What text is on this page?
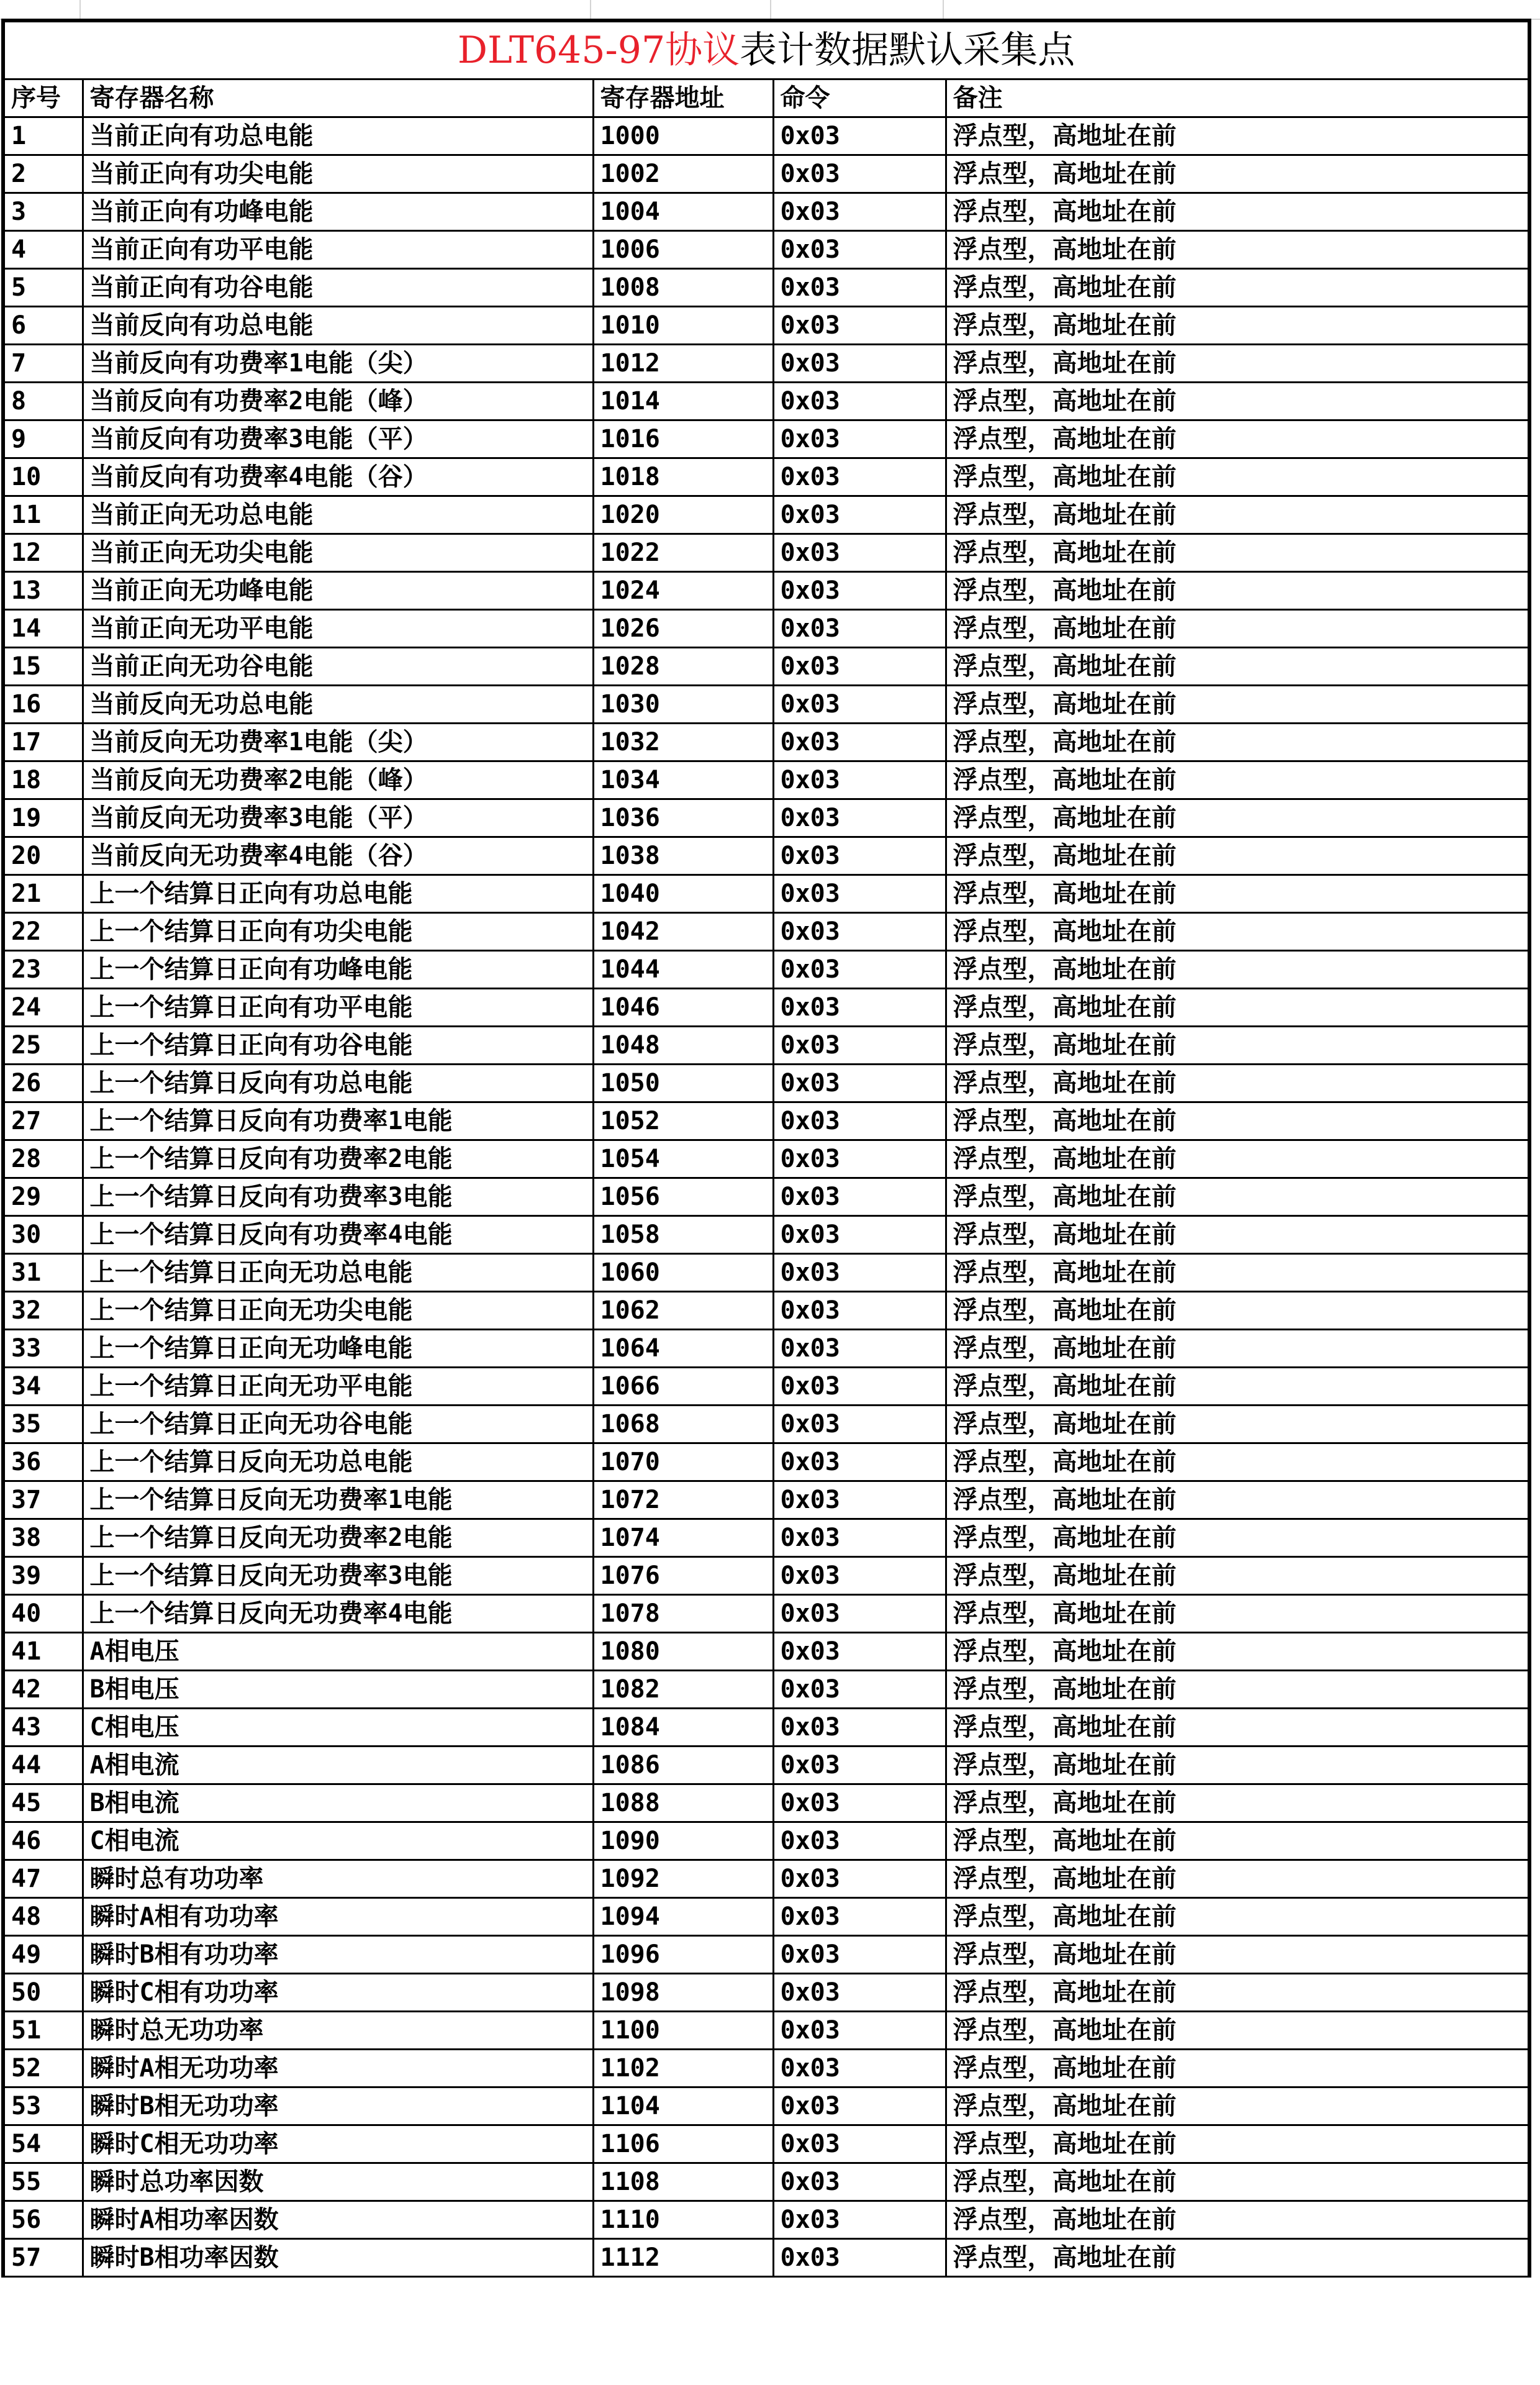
DLT645-97协议表计数据默认采集点				
序号	寄存器名称	寄存器地址	命令	备注
1	当前正向有功总电能	1000	0x03	浮点型，高地址在前
2	当前正向有功尖电能	1002	0x03	浮点型，高地址在前
3	当前正向有功峰电能	1004	0x03	浮点型，高地址在前
4	当前正向有功平电能	1006	0x03	浮点型，高地址在前
5	当前正向有功谷电能	1008	0x03	浮点型，高地址在前
6	当前反向有功总电能	1010	0x03	浮点型，高地址在前
7	当前反向有功费率1电能（尖）	1012	0x03	浮点型，高地址在前
8	当前反向有功费率2电能（峰）	1014	0x03	浮点型，高地址在前
9	当前反向有功费率3电能（平）	1016	0x03	浮点型，高地址在前
10	当前反向有功费率4电能（谷）	1018	0x03	浮点型，高地址在前
11	当前正向无功总电能	1020	0x03	浮点型，高地址在前
12	当前正向无功尖电能	1022	0x03	浮点型，高地址在前
13	当前正向无功峰电能	1024	0x03	浮点型，高地址在前
14	当前正向无功平电能	1026	0x03	浮点型，高地址在前
15	当前正向无功谷电能	1028	0x03	浮点型，高地址在前
16	当前反向无功总电能	1030	0x03	浮点型，高地址在前
17	当前反向无功费率1电能（尖）	1032	0x03	浮点型，高地址在前
18	当前反向无功费率2电能（峰）	1034	0x03	浮点型，高地址在前
19	当前反向无功费率3电能（平）	1036	0x03	浮点型，高地址在前
20	当前反向无功费率4电能（谷）	1038	0x03	浮点型，高地址在前
21	上一个结算日正向有功总电能	1040	0x03	浮点型，高地址在前
22	上一个结算日正向有功尖电能	1042	0x03	浮点型，高地址在前
23	上一个结算日正向有功峰电能	1044	0x03	浮点型，高地址在前
24	上一个结算日正向有功平电能	1046	0x03	浮点型，高地址在前
25	上一个结算日正向有功谷电能	1048	0x03	浮点型，高地址在前
26	上一个结算日反向有功总电能	1050	0x03	浮点型，高地址在前
27	上一个结算日反向有功费率1电能	1052	0x03	浮点型，高地址在前
28	上一个结算日反向有功费率2电能	1054	0x03	浮点型，高地址在前
29	上一个结算日反向有功费率3电能	1056	0x03	浮点型，高地址在前
30	上一个结算日反向有功费率4电能	1058	0x03	浮点型，高地址在前
31	上一个结算日正向无功总电能	1060	0x03	浮点型，高地址在前
32	上一个结算日正向无功尖电能	1062	0x03	浮点型，高地址在前
33	上一个结算日正向无功峰电能	1064	0x03	浮点型，高地址在前
34	上一个结算日正向无功平电能	1066	0x03	浮点型，高地址在前
35	上一个结算日正向无功谷电能	1068	0x03	浮点型，高地址在前
36	上一个结算日反向无功总电能	1070	0x03	浮点型，高地址在前
37	上一个结算日反向无功费率1电能	1072	0x03	浮点型，高地址在前
38	上一个结算日反向无功费率2电能	1074	0x03	浮点型，高地址在前
39	上一个结算日反向无功费率3电能	1076	0x03	浮点型，高地址在前
40	上一个结算日反向无功费率4电能	1078	0x03	浮点型，高地址在前
41	A相电压	1080	0x03	浮点型，高地址在前
42	B相电压	1082	0x03	浮点型，高地址在前
43	C相电压	1084	0x03	浮点型，高地址在前
44	A相电流	1086	0x03	浮点型，高地址在前
45	B相电流	1088	0x03	浮点型，高地址在前
46	C相电流	1090	0x03	浮点型，高地址在前
47	瞬时总有功功率	1092	0x03	浮点型，高地址在前
48	瞬时A相有功功率	1094	0x03	浮点型，高地址在前
49	瞬时B相有功功率	1096	0x03	浮点型，高地址在前
50	瞬时C相有功功率	1098	0x03	浮点型，高地址在前
51	瞬时总无功功率	1100	0x03	浮点型，高地址在前
52	瞬时A相无功功率	1102	0x03	浮点型，高地址在前
53	瞬时B相无功功率	1104	0x03	浮点型，高地址在前
54	瞬时C相无功功率	1106	0x03	浮点型，高地址在前
55	瞬时总功率因数	1108	0x03	浮点型，高地址在前
56	瞬时A相功率因数	1110	0x03	浮点型，高地址在前
57	瞬时B相功率因数	1112	0x03	浮点型，高地址在前
